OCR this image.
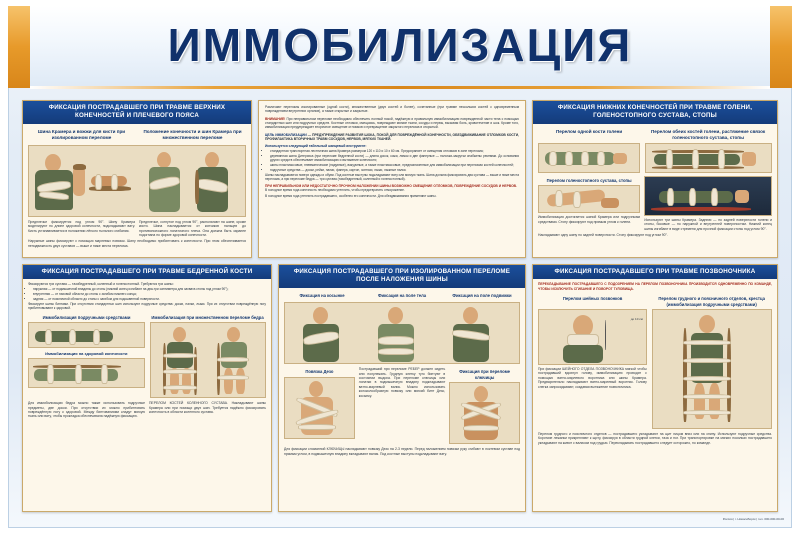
ИММОБИЛИЗАЦИЯ
ФИКСАЦИЯ ПОСТРАДАВШЕГО ПРИ ТРАВМЕ ВЕРХНИХ КОНЕЧНОСТЕЙ И ПЛЕЧЕВОГО ПОЯСА
Шина Крамера и вожжи для кисти при изолированном переломе
Положение конечности и шин Крамера при множественном переломе
Предплечье фиксируется под углом 90°. Шину Крамера моделируют по длине здоровой конечности, подкладывают вату. Кисть устанавливается в положении лёгкого тыльного сгибания.
Предплечье, согнутое под углом 90°, располагают на шине, кроме кисти. Шина накладывается от кончиков пальцев до противоположного лопаточного плеча. Она должна быть заранее подогнана по форме здоровой конечности.
Наружные шины фиксируют с помощью марлевых повязок. Шину необходимо прибинтовать к конечности. При этом обеспечивается неподвижность двух суставов — выше и ниже места перелома.
Различают переломы изолированные (одной кости), множественные (двух костей и более), сочетанные (при травме нескольких костей с одновременным повреждением внутренних органов), а также открытые и закрытые.
ВНИМАНИЕ! При неправильном переломе необходимо обеспечить полный покой, надёжную и правильную иммобилизацию поврежденной части тела с помощью стандартных шин или подручных средств. Костные отломки, смещаясь, повреждают мягкие ткани, сосуды и нервы, вызывая боль, кровотечение и шок. Кроме того, иммобилизация предупреждает вторичное смещение отломков и превращение закрытого перелома в открытый.
ЦЕЛЬ ИММОБИЛИЗАЦИИ — ПРЕДУПРЕЖДЕНИЕ РАЗВИТИЯ ШОКА, ПОКОЙ ДЛЯ ПОВРЕЖДЁННОЙ КОНЕЧНОСТИ, ОБЕЗДВИЖИВАНИЕ ОТЛОМКОВ КОСТИ, ПРОФИЛАКТИКА ВТОРИЧНЫХ ТРАВМ СОСУДОВ, НЕРВОВ, МЯГКИХ ТКАНЕЙ.
Используется следующий табельный шанцевый инструмент:
• стандартная транспортная лестничная шина Крамера размером 120 х 110 и 10 х 60 см. Предохраняет от смещения отломков в зоне перелома;
• деревянная шина Дитерихса (при переломе бедренной кости) — длина досок, кожи, лямок и две фанерные — палочки-закрутки снабжены ремнями. До основания других средств обеспечивает иммобилизацию и вытяжение конечности;
• шины пластмассовые, пневматические (надувные), вакуумные, а также пластмассовые, предназначенные для иммобилизации при переломах костей конечностей;
• подручные средства — доски, рейки, палки, фанера, картон, зонтики, лыжи, лыжные палки.
Шины накладываются поверх одежды и обуви. Под костные выступы подкладывают вату или мягкую ткань. Шина должна фиксировать два сустава — выше и ниже места перелома, а при переломе бедра — три сустава (тазобедренный, коленный и голеностопный).
ПРИ НЕПРАВИЛЬНОМ ИЛИ НЕДОСТАТОЧНО ПРОЧНОМ НАЛОЖЕНИИ ШИНЫ ВОЗМОЖНО СМЕЩЕНИЕ ОТЛОМКОВ, ПОВРЕЖДЕНИЕ СОСУДОВ И НЕРВОВ.
В холодное время года конечность необходимо утеплить, чтобы предотвратить отморожение.
В холодное время года утеплить пострадавшего, особенно его конечности. Для обездвиживания применяют шины.
ФИКСАЦИЯ НИЖНИХ КОНЕЧНОСТЕЙ ПРИ ТРАВМЕ ГОЛЕНИ, ГОЛЕНОСТОПНОГО СУСТАВА, СТОПЫ
Перелом одной кости голени	Перелом обеих костей голени, растяжение связок голеностопного сустава, стопы
Перелом голеностопного сустава, стопы
Иммобилизация достигается шиной Крамера или подручными средствами. Стопу фиксируют под прямым углом к голени.	Используют три шины Крамера. Заднюю — по задней поверхности голени и стопы, боковые — по наружной и внутренней поверхностям. Нижний конец шины изгибают в виде стремени для прочной фиксации стопы под углом 90°.
Накладывают одну шину по задней поверхности. Стопу фиксируют под углом 90°.
ФИКСАЦИЯ ПОСТРАДАВШЕГО ПРИ ТРАВМЕ БЕДРЕННОЙ КОСТИ
Фиксируются три сустава — тазобедренный, коленный и голеностопный. Требуются три шины:
• наружная — от подмышечной впадины до стопы (нижний конец изгибают на два-три сантиметра для захвата стопы под углом 90°);
• внутренняя — от паховой области до стопы с загибом нижнего конца;
• задняя — от поясничной области до стопы с загибом для подошвенной поверхности.
Фиксируют шины бинтами. При отсутствии стандартных шин используют подручные средства: доски, палки, лыжи. При их отсутствии повреждённую ногу прибинтовывают к здоровой.
Иммобилизация подручными средствами	Иммобилизация при множественном переломе бедра
Иммобилизация на здоровой конечности
Для иммобилизации бедра можно также использовать подручные предметы, две доски. При отсутствии их можно прибинтовать повреждённую ногу к здоровой. Между бинтованиями кладут мягкую ткань или вату, чтобы прокладка обеспечивала надёжную фиксацию.
ПЕРЕЛОМ КОСТЕЙ КОЛЕННОГО СУСТАВА. Накладывают шины Крамера или при помощи двух шин. Требуется надёжно фиксировать конечность в области коленного сустава.
ФИКСАЦИЯ ПОСТРАДАВШЕГО ПРИ ИЗОЛИРОВАННОМ ПЕРЕЛОМЕ ПОСЛЕ НАЛОЖЕНИЯ ШИНЫ
Фиксация на косынке	Фиксация на поле тела	Фиксация на поле подвижки
Повязка Дезо	Пострадавший при переломе РЕБЕР должен сидеть или полулежать. Грудную клетку туго бинтуют в состоянии выдоха. При переломе ключицы или лопатки в подмышечную впадину подкладывают ватно-марлевый валик. Можно использовать колоколообразную повязку или мягкий бинт Дезо, косынку.
Фиксация при переломе ключицы
Для фиксации сломанной КЛЮЧИЦЫ накладывают повязку Дезо на 2-3 недели. Перед наложением повязки руку сгибают в локтевом суставе под прямым углом, в подмышечную впадину вкладывают валик. Под костные выступы подкладывают вату.
ФИКСАЦИЯ ПОСТРАДАВШЕГО ПРИ ТРАВМЕ ПОЗВОНОЧНИКА
ПЕРЕКЛАДЫВАНИЕ ПОСТРАДАВШЕГО С ПОДОЗРЕНИЕМ НА ПЕРЕЛОМ ПОЗВОНОЧНИКА ПРОИЗВОДИТСЯ ОДНОВРЕМЕННО ПО КОМАНДЕ, ЧТОБЫ ИСКЛЮЧИТЬ СГИБАНИЕ И ПОВОРОТ ТУЛОВИЩА.
Перелом шейных позвонков	Перелом грудного и поясничного отделов, крестца (иммобилизация подручными средствами)
до 10 см
При фиксации ШЕЙНОГО ОТДЕЛА ПОЗВОНОЧНИКА мягкой чтобы пострадавший вдохнул голову, иммобилизацию проводят с помощью ватно-марлевого воротника или шины Крамера. Предварительно накладывают ватно-марлевый воротник. Голову слегка запрокидывают, создавая вытяжение позвоночника.
Перелом грудного и поясничного отделов — пострадавшего укладывают на щит лицом вниз или на спину. Используют подручные средства. Короткие лежанки прикрепляют к щиту, фиксируя в области грудной клетки, таза и ног. При транспортировке на мягких носилках пострадавшего укладывают на живот с валиком под грудью. Перекладывать пострадавшего следует осторожно, по команде.
Россия | г. Новосибирск | тел. 000-000-00-00
